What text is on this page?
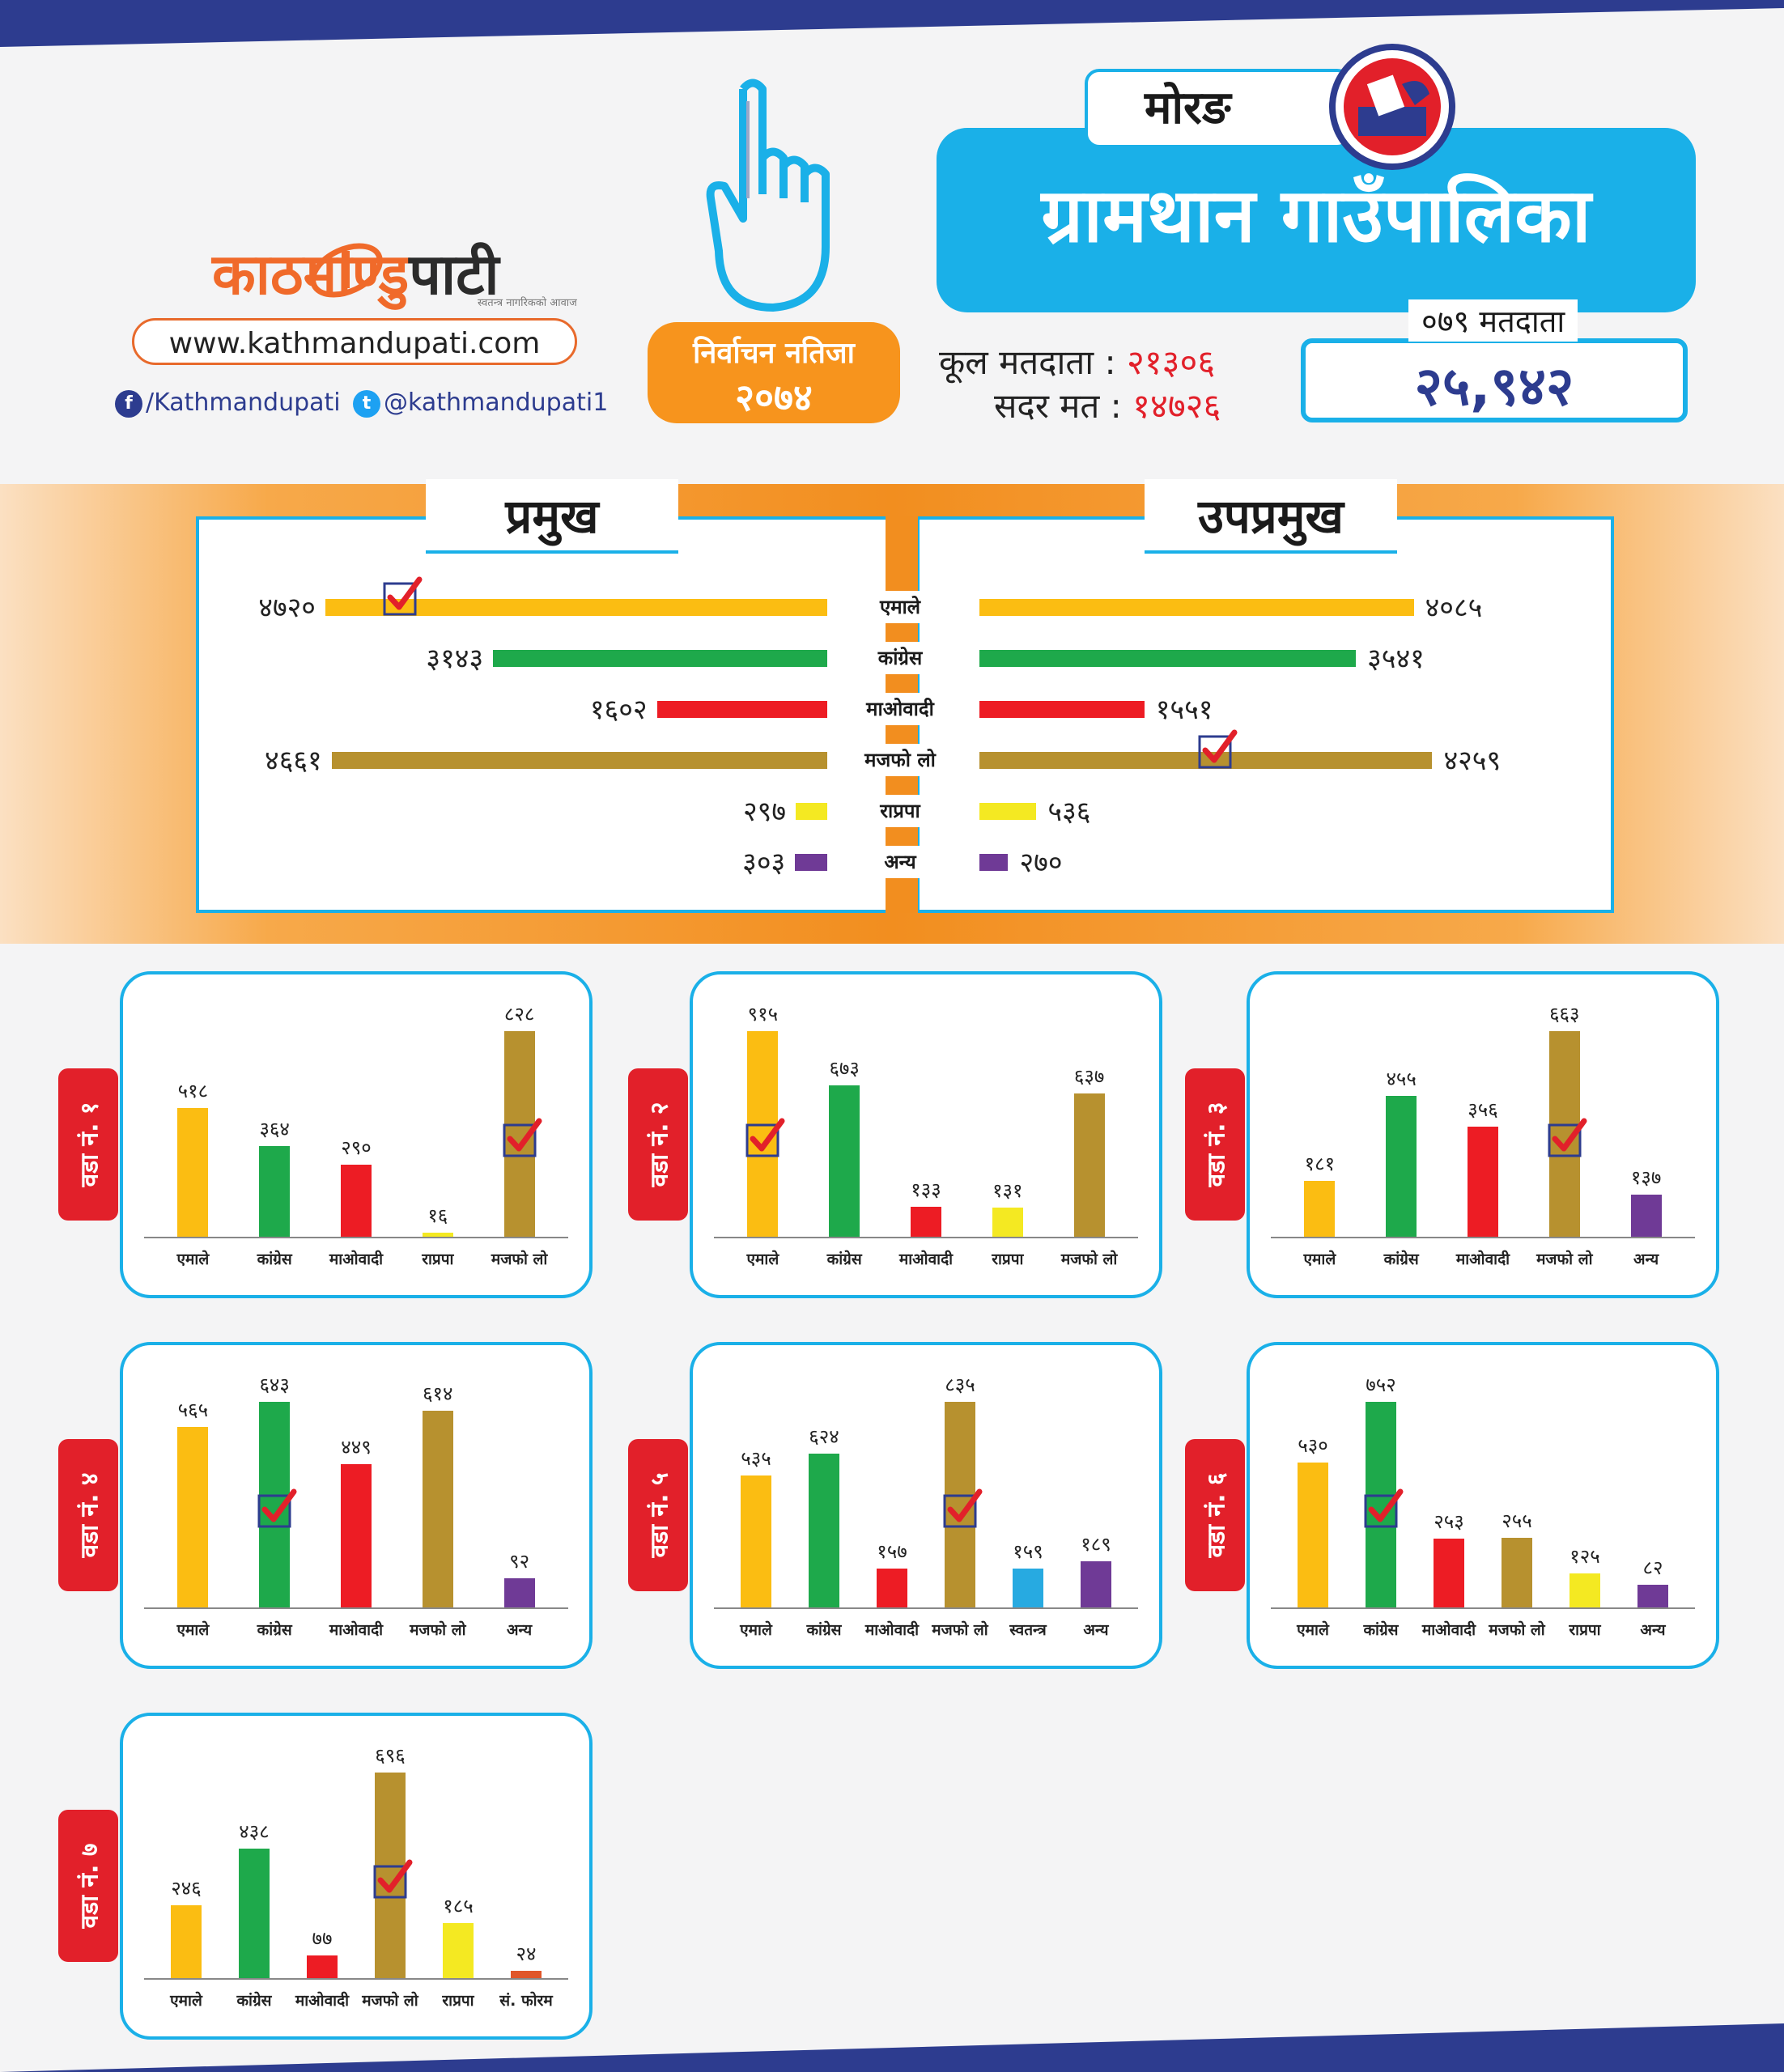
काठमाण्डुपाटी
स्वतन्त्र नागरिकको आवाज
www.kathmandupati.com
f /Kathmandupati	t @kathmandupati1
निर्वाचन नतिजा
२०७४
मोरङ
ग्रामथान गाउँपालिका
कूल मतदाता : २१३०६
सदर मत : १४७२६
०७९ मतदाता
२५,९४२
प्रमुख	उपप्रमुख
एमाले
४७२०	४०८५
कांग्रेस
३१४३	३५४१
माओवादी
१६०२	१५५१
मजफो लो
४६६१	४२५९
राप्रपा
२९७	५३६
अन्य
३०३	२७०
वडा नं. १
५१८
एमाले
३६४
कांग्रेस
२९०
माओवादी
१६
राप्रपा
८२८
मजफो लो
वडा नं. २
९१५
एमाले
६७३
कांग्रेस
१३३
माओवादी
१३१
राप्रपा
६३७
मजफो लो
वडा नं. ३	१८१
एमाले
४५५
कांग्रेस
३५६
माओवादी
६६३
मजफो लो
१३७
अन्य
वडा नं. ४
५६५
एमाले
६४३
कांग्रेस
४४९
माओवादी
६१४
मजफो लो
९२
अन्य
वडा नं. ५
५३५
एमाले
६२४
कांग्रेस
१५७
माओवादी
८३५
मजफो लो
१५९
स्वतन्त्र
१८९
अन्य
वडा नं. ६
५३०
एमाले
७५२
कांग्रेस
२५३
माओवादी
२५५
मजफो लो
१२५
राप्रपा
८२
अन्य
वडा नं. ७	२४६
एमाले
४३८
कांग्रेस
७७
माओवादी
६९६
मजफो लो
१८५
राप्रपा
२४
सं. फोरम
